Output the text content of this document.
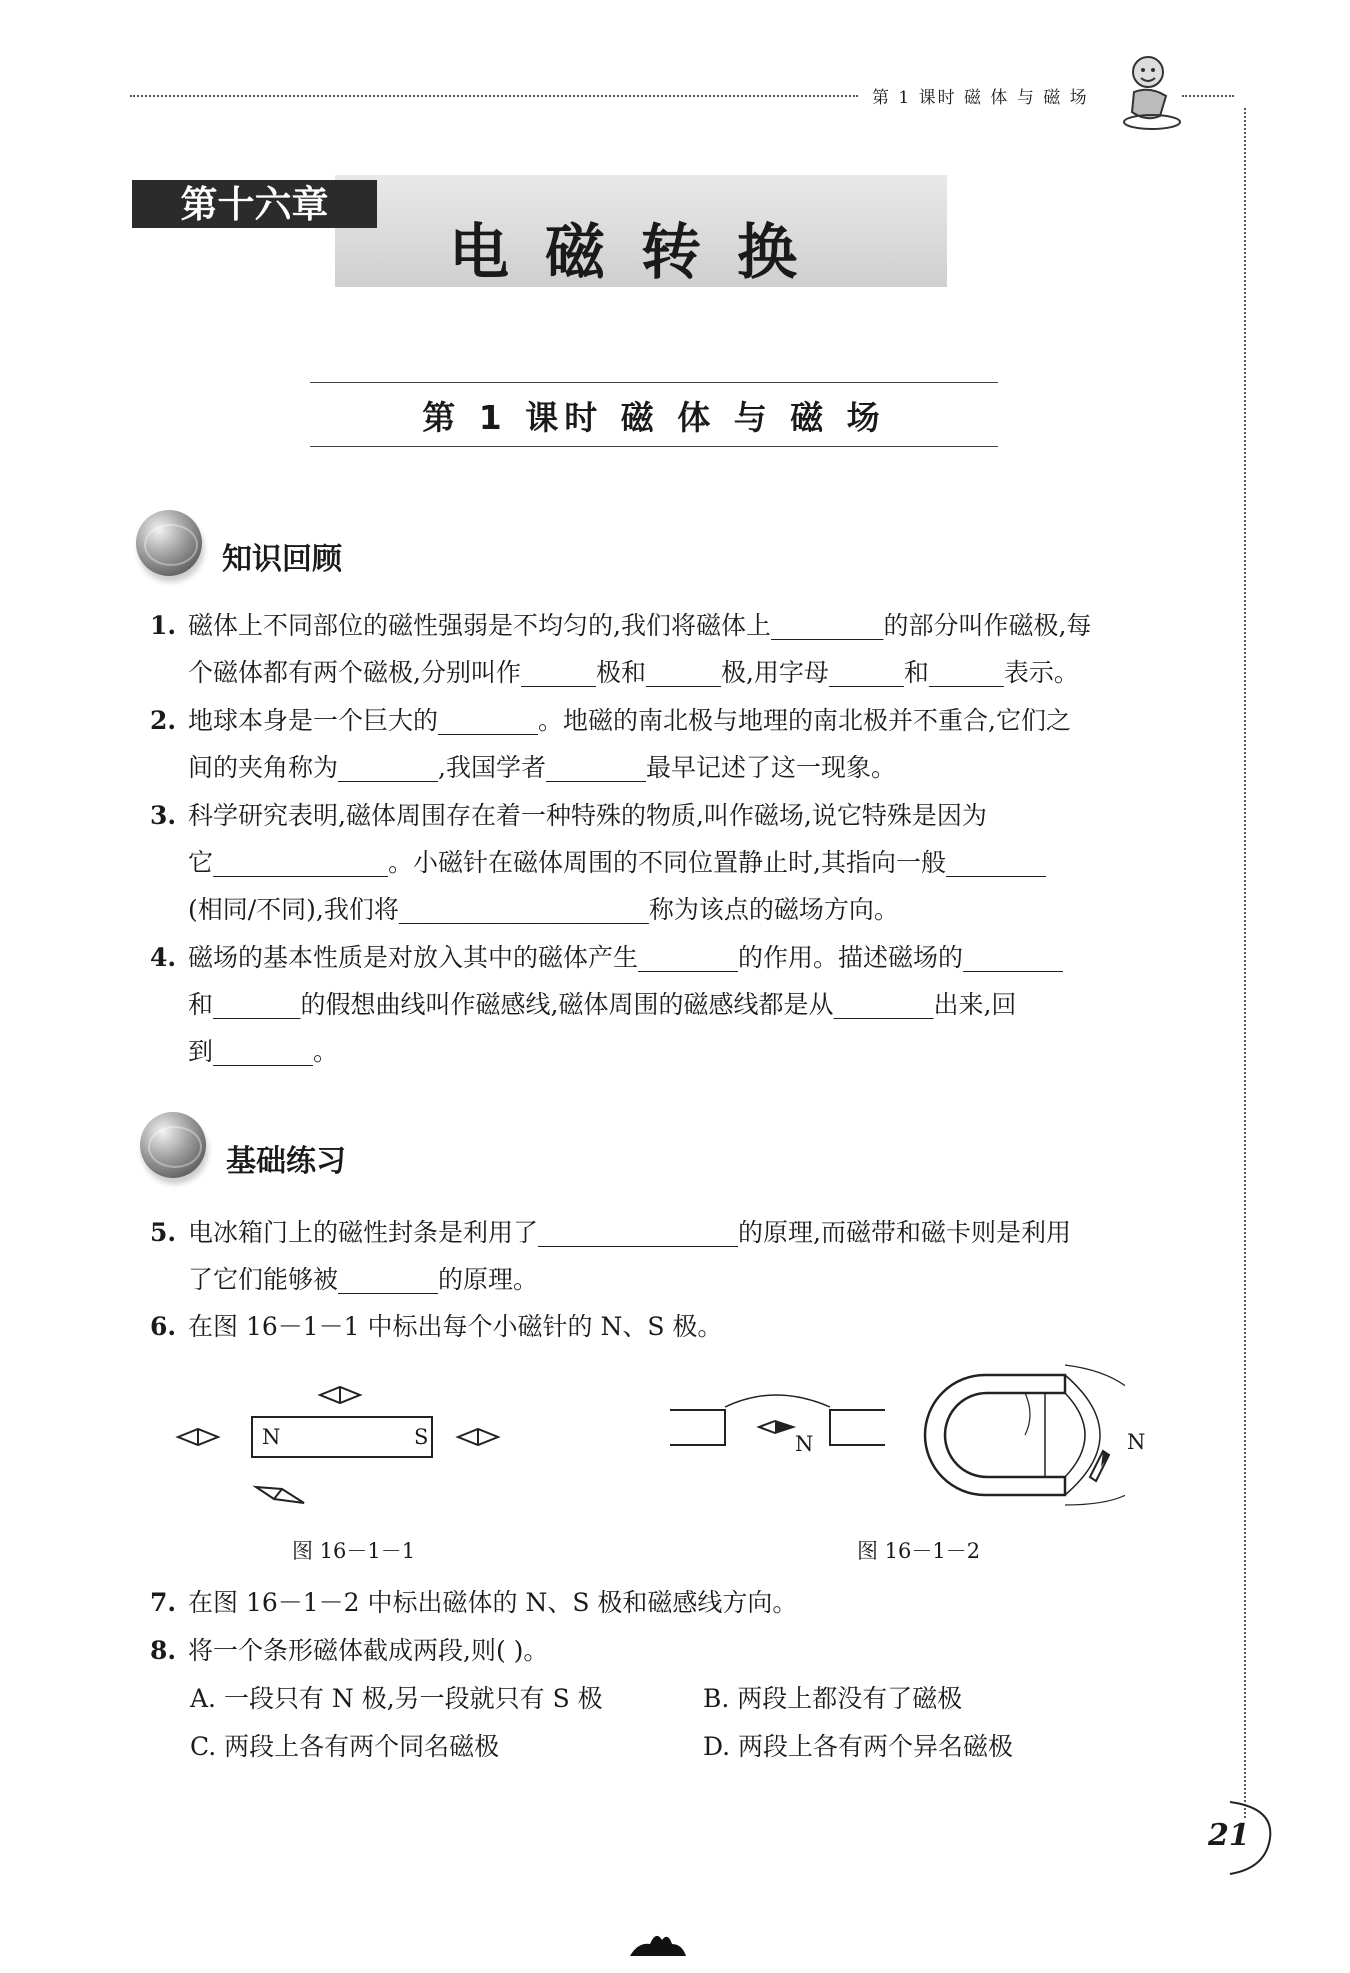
第 1 课时 磁 体 与 磁 场
第十六章
电磁转换
第 1 课时 磁 体 与 磁 场
知识回顾
1. 磁体上不同部位的磁性强弱是不均匀的,我们将磁体上_________的部分叫作磁极,每
个磁体都有两个磁极,分别叫作______极和______极,用字母______和______表示。
2. 地球本身是一个巨大的________。地磁的南北极与地理的南北极并不重合,它们之
间的夹角称为________,我国学者________最早记述了这一现象。
3. 科学研究表明,磁体周围存在着一种特殊的物质,叫作磁场,说它特殊是因为
它______________。小磁针在磁体周围的不同位置静止时,其指向一般________
(相同/不同),我们将____________________称为该点的磁场方向。
4. 磁场的基本性质是对放入其中的磁体产生________的作用。描述磁场的________
和_______的假想曲线叫作磁感线,磁体周围的磁感线都是从________出来,回
到________。
基础练习
5. 电冰箱门上的磁性封条是利用了________________的原理,而磁带和磁卡则是利用
了它们能够被________的原理。
6. 在图 16－1－1 中标出每个小磁针的 N、S 极。
N	S
图 16－1－1
N	N
图 16－1－2
7. 在图 16－1－2 中标出磁体的 N、S 极和磁感线方向。
8. 将一个条形磁体截成两段,则( )。
A. 一段只有 N 极,另一段就只有 S 极	B. 两段上都没有了磁极
C. 两段上各有两个同名磁极	D. 两段上各有两个异名磁极
21
